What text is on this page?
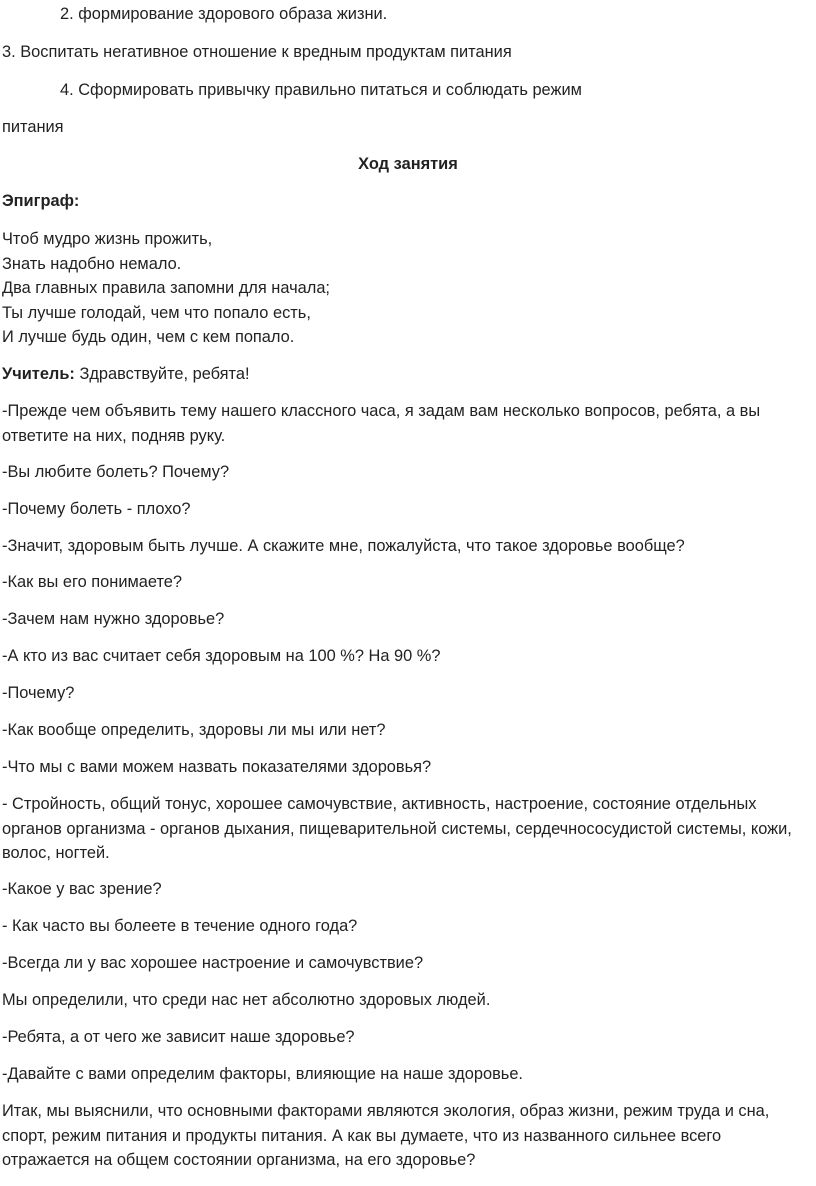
2. формирование здорового образа жизни.

3. Воспитать негативное отношение к вредным продуктам питания

4. Сформировать привычку правильно питаться и соблюдать режим

питания

Ход занятия

Эпиграф:

Чтоб мудро жизнь прожить,
Знать надобно немало.
Два главных правила запомни для начала;
Ты лучше голодай, чем что попало есть,
И лучше будь один, чем с кем попало.

Учитель: Здравствуйте, ребята!

-Прежде чем объявить тему нашего классного часа, я задам вам несколько вопросов, ребята, а вы ответите на них, подняв руку.

-Вы любите болеть? Почему?

-Почему болеть - плохо?

-Значит, здоровым быть лучше. А скажите мне, пожалуйста, что такое здоровье вообще?

-Как вы его понимаете?

-Зачем нам нужно здоровье?

-А кто из вас считает себя здоровым на 100 %? На 90 %?

-Почему?

-Как вообще определить, здоровы ли мы или нет?

-Что мы с вами можем назвать показателями здоровья?

- Стройность, общий тонус, хорошее самочувствие, активность, настроение, состояние отдельных органов организма - органов дыхания, пищеварительной системы, сердечнососудистой системы, кожи, волос, ногтей.

-Какое у вас зрение?

- Как часто вы болеете в течение одного года?

-Всегда ли у вас хорошее настроение и самочувствие?

Мы определили, что среди нас нет абсолютно здоровых людей.

-Ребята, а от чего же зависит наше здоровье?

-Давайте с вами определим факторы, влияющие на наше здоровье.

Итак, мы выяснили, что основными факторами являются экология, образ жизни, режим труда и сна, спорт, режим питания и продукты питания. А как вы думаете, что из названного сильнее всего отражается на общем состоянии организма, на его здоровье?
